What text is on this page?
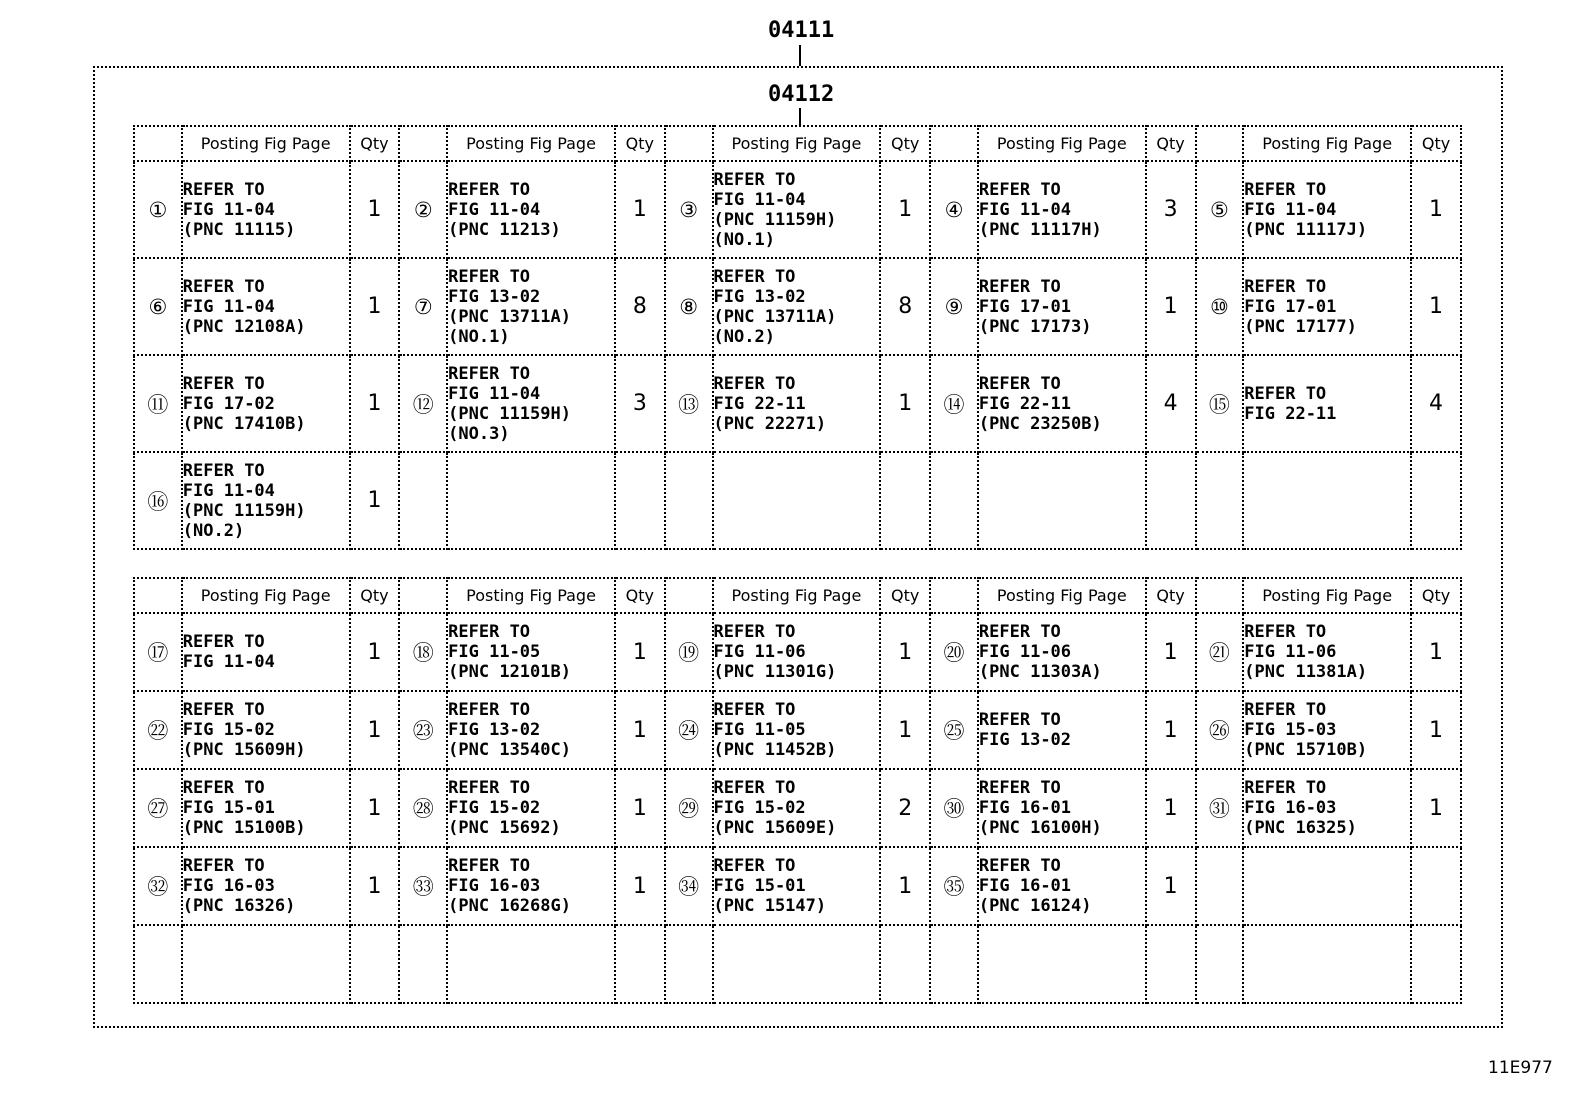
04111
04112
	Posting Fig Page	Qty		Posting Fig Page	Qty		Posting Fig Page	Qty		Posting Fig Page	Qty		Posting Fig Page	Qty
①	REFER TO
FIG 11-04
(PNC 11115)	1	②	REFER TO
FIG 11-04
(PNC 11213)	1	③	REFER TO
FIG 11-04
(PNC 11159H)
(NO.1)	1	④	REFER TO
FIG 11-04
(PNC 11117H)	3	⑤	REFER TO
FIG 11-04
(PNC 11117J)	1
⑥	REFER TO
FIG 11-04
(PNC 12108A)	1	⑦	REFER TO
FIG 13-02
(PNC 13711A)
(NO.1)	8	⑧	REFER TO
FIG 13-02
(PNC 13711A)
(NO.2)	8	⑨	REFER TO
FIG 17-01
(PNC 17173)	1	⑩	REFER TO
FIG 17-01
(PNC 17177)	1
⑪	REFER TO
FIG 17-02
(PNC 17410B)	1	⑫	REFER TO
FIG 11-04
(PNC 11159H)
(NO.3)	3	⑬	REFER TO
FIG 22-11
(PNC 22271)	1	⑭	REFER TO
FIG 22-11
(PNC 23250B)	4	⑮	REFER TO
FIG 22-11	4
⑯	REFER TO
FIG 11-04
(PNC 11159H)
(NO.2)	1												
	Posting Fig Page	Qty		Posting Fig Page	Qty		Posting Fig Page	Qty		Posting Fig Page	Qty		Posting Fig Page	Qty
⑰	REFER TO
FIG 11-04	1	⑱	REFER TO
FIG 11-05
(PNC 12101B)	1	⑲	REFER TO
FIG 11-06
(PNC 11301G)	1	⑳	REFER TO
FIG 11-06
(PNC 11303A)	1	㉑	REFER TO
FIG 11-06
(PNC 11381A)	1
㉒	REFER TO
FIG 15-02
(PNC 15609H)	1	㉓	REFER TO
FIG 13-02
(PNC 13540C)	1	㉔	REFER TO
FIG 11-05
(PNC 11452B)	1	㉕	REFER TO
FIG 13-02	1	㉖	REFER TO
FIG 15-03
(PNC 15710B)	1
㉗	REFER TO
FIG 15-01
(PNC 15100B)	1	㉘	REFER TO
FIG 15-02
(PNC 15692)	1	㉙	REFER TO
FIG 15-02
(PNC 15609E)	2	㉚	REFER TO
FIG 16-01
(PNC 16100H)	1	㉛	REFER TO
FIG 16-03
(PNC 16325)	1
㉜	REFER TO
FIG 16-03
(PNC 16326)	1	㉝	REFER TO
FIG 16-03
(PNC 16268G)	1	㉞	REFER TO
FIG 15-01
(PNC 15147)	1	㉟	REFER TO
FIG 16-01
(PNC 16124)	1			

11E977
